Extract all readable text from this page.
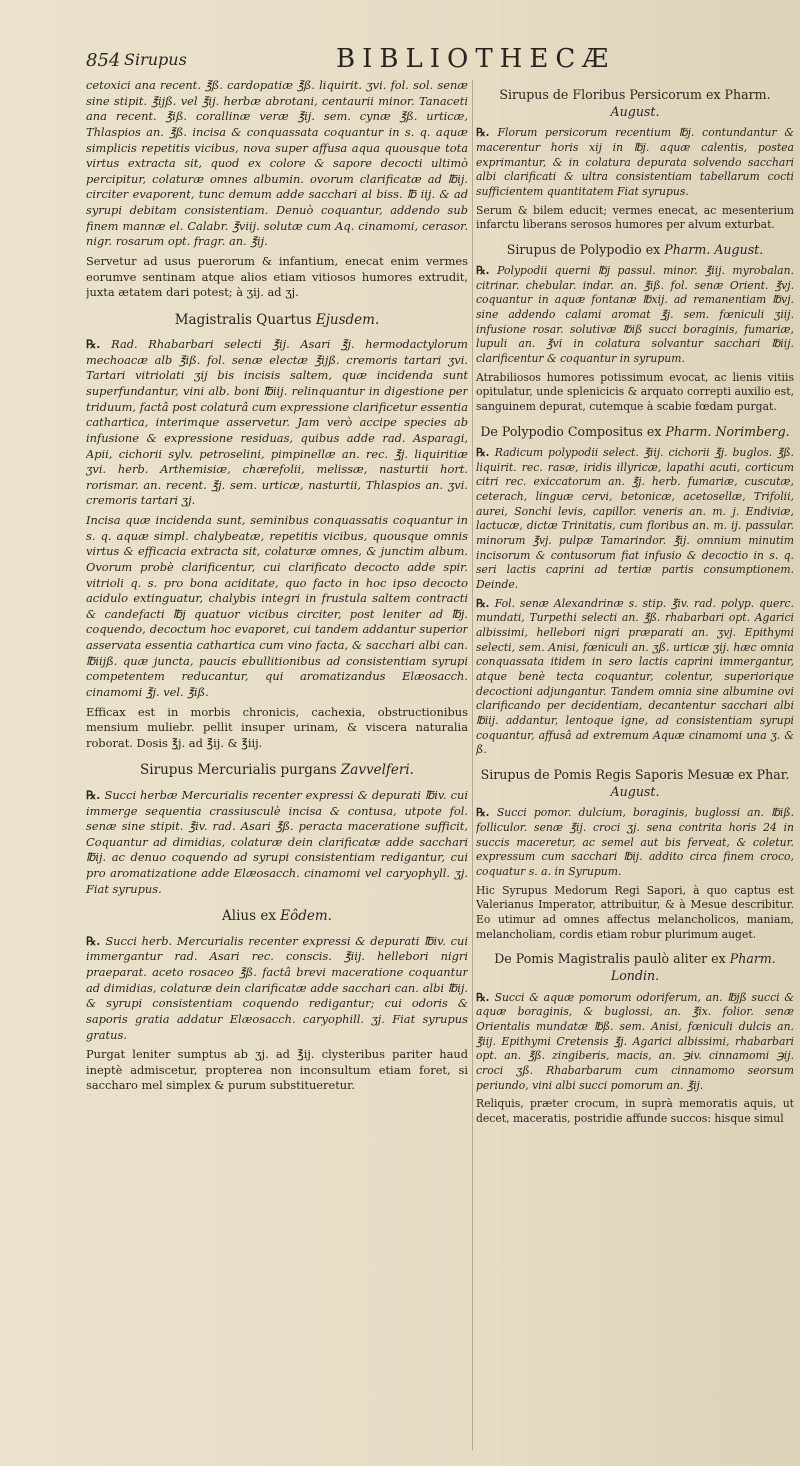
854 Sirupus	BIBLIOTHECÆ

cetoxici ana recent. ℥ß. cardopatiæ ℥ß. liquirit. ʒvi. fol. sol. senæ sine stipit. ℥ijß. vel ℥ij. herbæ abrotani, centaurii minor. Tanaceti ana recent. ℥iß. corallinæ veræ ℥ij. sem. cynæ ℥ß. urticæ, Thlaspios an. ℥ß. incisa & conquassata coquantur in s. q. aquæ simplicis repetitis vicibus, nova super affusa aqua quousque tota virtus extracta sit, quod ex colore & sapore decocti ultimò percipitur, colaturæ omnes albumin. ovorum clarificatæ ad ℔ij. circiter evaporent, tunc demum adde sacchari al biss. ℔ iij. & ad syrupi debitam consistentiam. Denuò coquantur, addendo sub finem mannæ el. Calabr. ℥viij. solutæ cum Aq. cinamomi, cerasor. nigr. rosarum opt. fragr. an. ℥ij.

Servetur ad usus puerorum & infantium, enecat enim vermes eorumve sentinam atque alios etiam vitiosos humores extrudit, juxta ætatem dari potest; à ʒij. ad ʒj.

Magistralis Quartus Ejusdem.

℞. Rad. Rhabarbari selecti ℥ij. Asari ℥j. hermodactylorum mechoacæ alb ℥iß. fol. senæ electæ ℥ijß. cremoris tartari ʒvi. Tartari vitriolati ʒij bis incisis saltem, quæ incidenda sunt superfundantur, vini alb. boni ℔iij. relinquantur in digestione per triduum, factâ post colaturâ cum expressione clarificetur essentia cathartica, interimque asservetur. Jam verò accipe species ab infusione & expressione residuas, quibus adde rad. Asparagi, Apii, cichorii sylv. petroselini, pimpinellæ an. rec. ℥j. liquiritiæ ʒvi. herb. Arthemisiæ, chærefolii, melissæ, nasturtii hort. rorismar. an. recent. ℥j. sem. urticæ, nasturtii, Thlaspios an. ʒvi. cremoris tartari ʒj.

Incisa quæ incidenda sunt, seminibus conquassatis coquantur in s. q. aquæ simpl. chalybeatæ, repetitis vicibus, quousque omnis virtus & efficacia extracta sit, colaturæ omnes, & junctim album. Ovorum probè clarificentur, cui clarificato decocto adde spir. vitrioli q. s. pro bona aciditate, quo facto in hoc ipso decocto acidulo extinguatur, chalybis integri in frustula saltem contracti & candefacti ℔j quatuor vicibus circiter, post leniter ad ℔j. coquendo, decoctum hoc evaporet, cui tandem addantur superior asservata essentia cathartica cum vino facta, & sacchari albi can. ℔iijß. quæ juncta, paucis ebullitionibus ad consistentiam syrupi competentem reducantur, qui aromatizandus Elæosacch. cinamomi ℥j. vel. ℥iß.

Efficax est in morbis chronicis, cachexia, obstructionibus mensium muliebr. pellit insuper urinam, & viscera naturalia roborat. Dosis ℥j. ad ℥ij. & ℥iij.

Sirupus Mercurialis purgans Zavvelferi.

℞. Succi herbæ Mercurialis recenter expressi & depurati ℔iv. cui immerge sequentia crassiusculè incisa & contusa, utpote fol. senæ sine stipit. ℥iv. rad. Asari ℥ß. peracta maceratione sufficit, Coquantur ad dimidias, colaturæ dein clarificatæ adde sacchari ℔ij. ac denuo coquendo ad syrupi consistentiam redigantur, cui pro aromatizatione adde Elæosacch. cinamomi vel caryophyll. ʒj. Fiat syrupus.

Alius ex Eôdem.

℞. Succi herb. Mercurialis recenter expressi & depurati ℔iv. cui immergantur rad. Asari rec. conscis. ℥iij. hellebori nigri praeparat. aceto rosaceo ℥ß. factâ brevi maceratione coquantur ad dimidias, colaturæ dein clarificatæ adde sacchari can. albi ℔ij. & syrupi consistentiam coquendo redigantur; cui odoris & saporis gratia addatur Elæosacch. caryophill. ʒj. Fiat syrupus gratus.

Purgat leniter sumptus ab ʒj. ad ℥ij. clysteribus pariter haud ineptè admiscetur, propterea non inconsultum etiam foret, si saccharo mel simplex & purum substitueretur.

Sirupus de Floribus Persicorum ex Pharm. August.

℞. Florum persicorum recentium ℔j. contundantur & macerentur horis xij in ℔j. aquæ calentis, postea exprimantur, & in colatura depurata solvendo sacchari albi clarificati & ultra consistentiam tabellarum cocti sufficientem quantitatem Fiat syrupus.

Serum & bilem educit; vermes enecat, ac mesenterium infarctu liberans serosos humores per alvum exturbat.

Sirupus de Polypodio ex Pharm. August.

℞. Polypodii querni ℔j passul. minor. ℥iij. myrobalan. citrinar. chebular. indar. an. ℥iß. fol. senæ Orient. ℥vj. coquantur in aquæ fontanæ ℔xij. ad remanentiam ℔vj. sine addendo calami aromat ℥j. sem. fœniculi ʒiij. infusione rosar. solutivæ ℔iß succi boraginis, fumariæ, lupuli an. ℥vi in colatura solvantur sacchari ℔iij. clarificentur & coquantur in syrupum.

Atrabiliosos humores potissimum evocat, ac lienis vitiis opitulatur, unde splenicicis & arquato correpti auxilio est, sanguinem depurat, cutemque à scabie fœdam purgat.

De Polypodio Compositus ex Pharm. Norimberg.

℞. Radicum polypodii select. ℥iij. cichorii ℥j. buglos. ℥ß. liquirit. rec. rasæ, iridis illyricæ, lapathi acuti, corticum citri rec. exiccatorum an. ℥j. herb. fumariæ, cuscutæ, ceterach, linguæ cervi, betonicæ, acetosellæ, Trifolii, aurei, Sonchi levis, capillor. veneris an. m. j. Endiviæ, lactucæ, dictæ Trinitatis, cum floribus an. m. ij. passular. minorum ℥vj. pulpæ Tamarindor. ℥ij. omnium minutim incisorum & contusorum fiat infusio & decoctio in s. q. seri lactis caprini ad tertiæ partis consumptionem. Deinde.

℞. Fol. senæ Alexandrinæ s. stip. ℥iv. rad. polyp. querc. mundati, Turpethi selecti an. ℥ß. rhabarbari opt. Agarici albissimi, hellebori nigri præparati an. ʒvj. Epithymi selecti, sem. Anisi, fœniculi an. ʒß. urticæ ʒij. hæc omnia conquassata itidem in sero lactis caprini immergantur, atque benè tecta coquantur, colentur, superiorique decoctioni adjungantur. Tandem omnia sine albumine ovi clarificando per decidentiam, decantentur sacchari albi ℔iij. addantur, lentoque igne, ad consistentiam syrupi coquantur, affusâ ad extremum Aquæ cinamomi una ʒ. & ß.

Sirupus de Pomis Regis Saporis Mesuæ ex Phar. August.

℞. Succi pomor. dulcium, boraginis, buglossi an. ℔iß. folliculor. senæ ℥ij. croci ʒj. sena contrita horis 24 in succis maceretur, ac semel aut bis ferveat, & coletur. expressum cum sacchari ℔ij. addito circa finem croco, coquatur s. a. in Syrupum.

Hic Syrupus Medorum Regi Sapori, à quo captus est Valerianus Imperator, attribuitur, & à Mesue describitur. Eo utimur ad omnes affectus melancholicos, maniam, melancholiam, cordis etiam robur plurimum auget.

De Pomis Magistralis paulò aliter ex Pharm. Londin.

℞. Succi & aquæ pomorum odoriferum, an. ℔jß succi & aquæ boraginis, & buglossi, an. ℥ix. folior. senæ Orientalis mundatæ ℔ß. sem. Anisi, fœniculi dulcis an. ℥iij. Epithymi Cretensis ℥j. Agarici albissimi, rhabarbari opt. an. ℥ß. zingiberis, macis, an. ℈iv. cinnamomi ℈ij. croci ʒß. Rhabarbarum cum cinnamomo seorsum periundo, vini albi succi pomorum an. ℥ij.

Reliquis, præter crocum, in suprà memoratis aquis, ut decet, maceratis, postridie affunde succos: hisque simul
